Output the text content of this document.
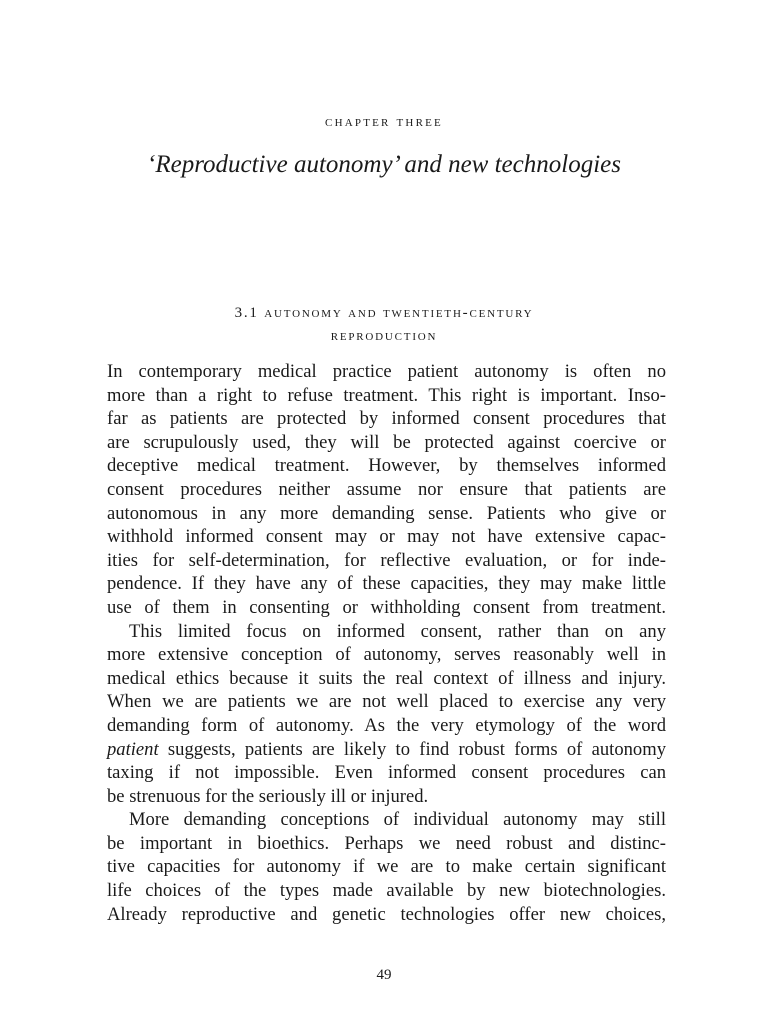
chapter three
‘Reproductive autonomy’ and new technologies
3.1 autonomy and twentieth-century
reproduction
In contemporary medical practice patient autonomy is often no
more than a right to refuse treatment. This right is important. Inso-
far as patients are protected by informed consent procedures that
are scrupulously used, they will be protected against coercive or
deceptive medical treatment. However, by themselves informed
consent procedures neither assume nor ensure that patients are
autonomous in any more demanding sense. Patients who give or
withhold informed consent may or may not have extensive capac-
ities for self-determination, for reflective evaluation, or for inde-
pendence. If they have any of these capacities, they may make little
use of them in consenting or withholding consent from treatment.
This limited focus on informed consent, rather than on any
more extensive conception of autonomy, serves reasonably well in
medical ethics because it suits the real context of illness and injury.
When we are patients we are not well placed to exercise any very
demanding form of autonomy. As the very etymology of the word
patient suggests, patients are likely to find robust forms of autonomy
taxing if not impossible. Even informed consent procedures can
be strenuous for the seriously ill or injured.
More demanding conceptions of individual autonomy may still
be important in bioethics. Perhaps we need robust and distinc-
tive capacities for autonomy if we are to make certain significant
life choices of the types made available by new biotechnologies.
Already reproductive and genetic technologies offer new choices,
49
